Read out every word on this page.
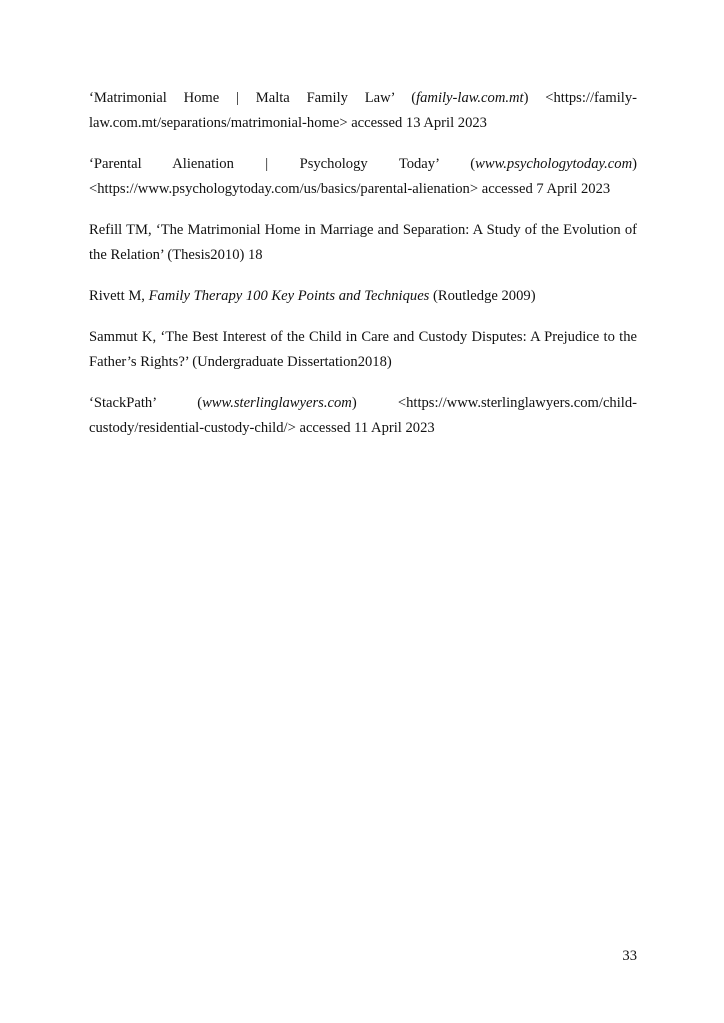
‘Matrimonial Home | Malta Family Law’ (family-law.com.mt) <https://family-law.com.mt/separations/matrimonial-home> accessed 13 April 2023

‘Parental Alienation | Psychology Today’ (www.psychologytoday.com) <https://www.psychologytoday.com/us/basics/parental-alienation> accessed 7 April 2023

Refill TM, ‘The Matrimonial Home in Marriage and Separation: A Study of the Evolution of the Relation’ (Thesis2010) 18

Rivett M, Family Therapy 100 Key Points and Techniques (Routledge 2009)

Sammut K, ‘The Best Interest of the Child in Care and Custody Disputes: A Prejudice to the Father’s Rights?’ (Undergraduate Dissertation2018)

‘StackPath’ (www.sterlinglawyers.com) <https://www.sterlinglawyers.com/child-custody/residential-custody-child/> accessed 11 April 2023

33
